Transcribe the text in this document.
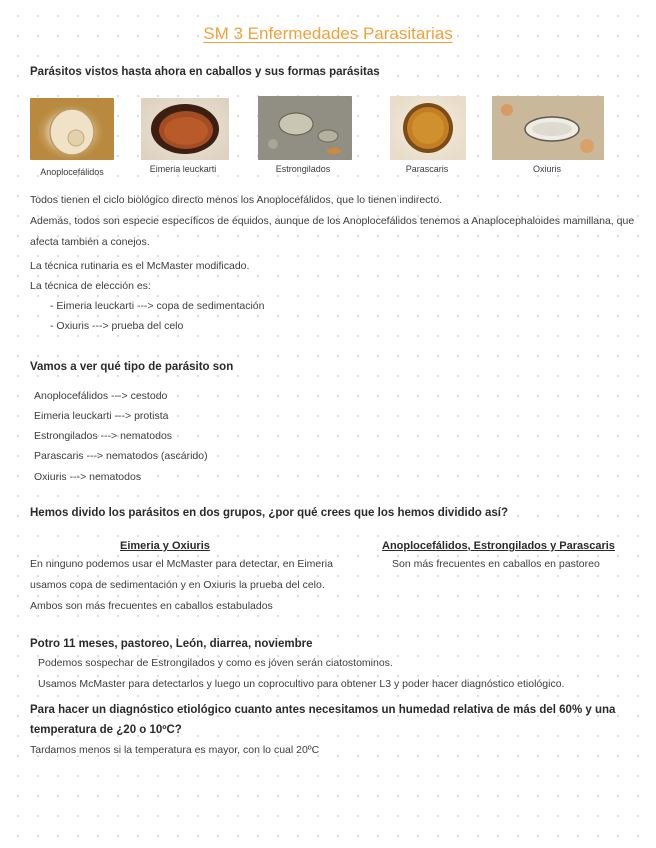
SM 3 Enfermedades Parasitarias
Parásitos vistos hasta ahora en caballos y sus formas parásitas
Anoplocefálidos	Eimeria leuckarti	Estrongilados	Parascaris	Oxiuris
Todos tienen el ciclo biológico directo menos los Anoplocefálidos, que lo tienen indirecto.
Además, todos son especie específicos de équidos, aunque de los Anoplocefálidos tenemos a Anaplocephaloides mamillana, que
afecta también a conejos.
La técnica rutinaria es el McMaster modificado.
La técnica de elección es:
- Eimeria leuckarti ---> copa de sedimentación
- Oxiuris ---> prueba del celo
Vamos a ver qué tipo de parásito son
Anoplocefálidos ---> cestodo
Eimeria leuckarti ---> protista
Estrongilados ---> nematodos
Parascaris ---> nematodos (ascárido)
Oxiuris ---> nematodos
Hemos divido los parásitos en dos grupos, ¿por qué crees que los hemos dividido así?
Eimeria y Oxiuris
En ninguno podemos usar el McMaster para detectar, en Eimeria
usamos copa de sedimentación y en Oxiuris la prueba del celo.
Ambos son más frecuentes en caballos estabulados
Anoplocefálidos, Estrongilados y Parascaris
Son más frecuentes en caballos en pastoreo
Potro 11 meses, pastoreo, León, diarrea, noviembre
Podemos sospechar de Estrongilados y como es jóven serán ciatostominos.
Usamos McMaster para detectarlos y luego un coprocultivo para obtener L3 y poder hacer diagnóstico etiológico.
Para hacer un diagnóstico etiológico cuanto antes necesitamos un humedad relativa de más del 60% y una
temperatura de ¿20 o 10ºC?
Tardamos menos si la temperatura es mayor, con lo cual 20ºC
